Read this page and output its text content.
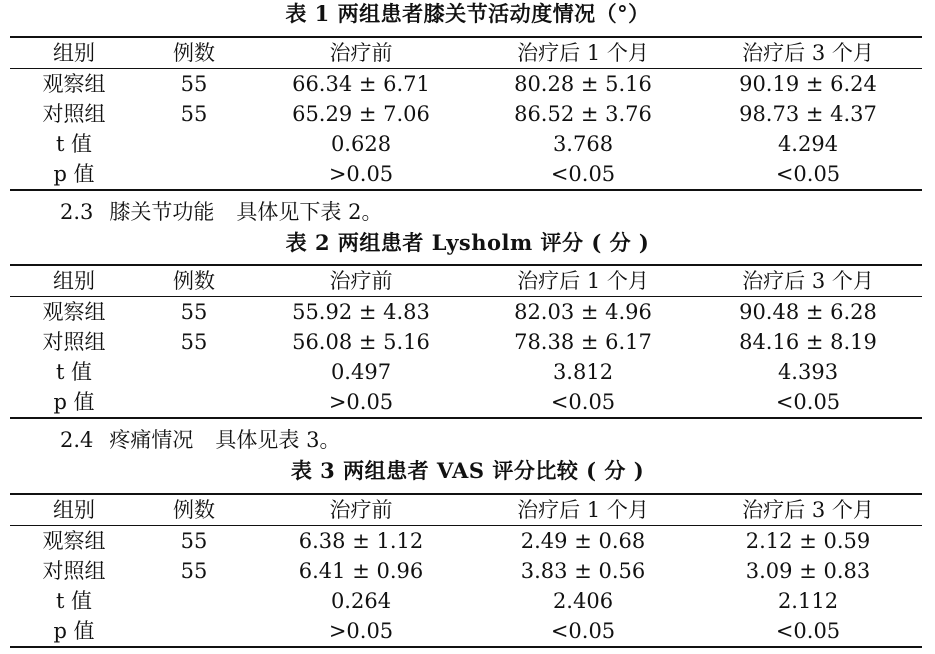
表 1 两组患者膝关节活动度情况（°）
组别	例数	治疗前	治疗后 1 个月	治疗后 3 个月
观察组	55	66.34 ± 6.71	80.28 ± 5.16	90.19 ± 6.24
对照组	55	65.29 ± 7.06	86.52 ± 3.76	98.73 ± 4.37
t 值		0.628	3.768	4.294
p 值		>0.05	<0.05	<0.05
2.3 膝关节功能 具体见下表 2。
表 2 两组患者 Lysholm 评分 ( 分 )
组别	例数	治疗前	治疗后 1 个月	治疗后 3 个月
观察组	55	55.92 ± 4.83	82.03 ± 4.96	90.48 ± 6.28
对照组	55	56.08 ± 5.16	78.38 ± 6.17	84.16 ± 8.19
t 值		0.497	3.812	4.393
p 值		>0.05	<0.05	<0.05
2.4 疼痛情况 具体见表 3。
表 3 两组患者 VAS 评分比较 ( 分 )
组别	例数	治疗前	治疗后 1 个月	治疗后 3 个月
观察组	55	6.38 ± 1.12	2.49 ± 0.68	2.12 ± 0.59
对照组	55	6.41 ± 0.96	3.83 ± 0.56	3.09 ± 0.83
t 值		0.264	2.406	2.112
p 值		>0.05	<0.05	<0.05
